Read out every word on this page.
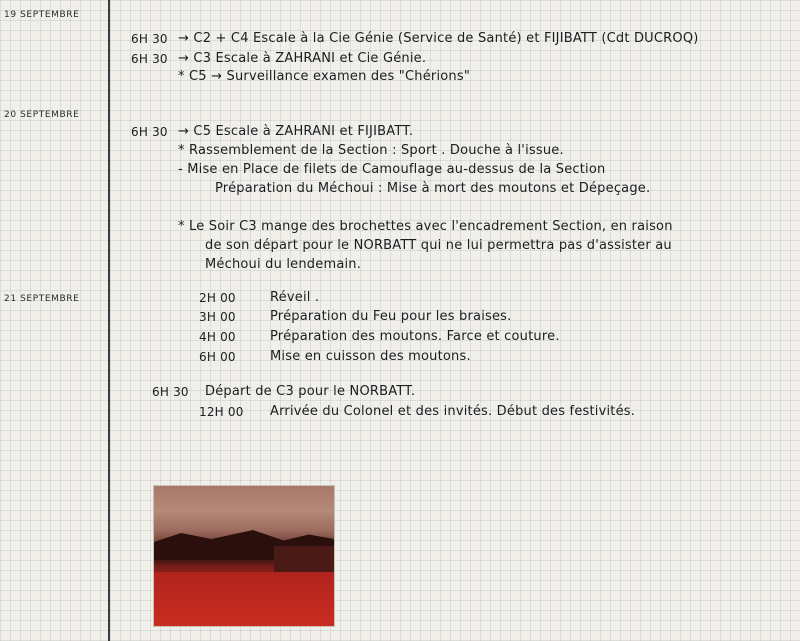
19 SEPTEMBRE
6H 30 → C2 + C4 Escale à la Cie Génie (Service de Santé) et FIJIBATT (Cdt DUCROQ)
6H 30 → C3 Escale à ZAHRANI et Cie Génie.
* C5 → Surveillance examen des "Chérions"
20 SEPTEMBRE
6H 30 → C5 Escale à ZAHRANI et FIJIBATT.
* Rassemblement de la Section : Sport . Douche à l'issue.
- Mise en Place de filets de Camouflage au-dessus de la Section
Préparation du Méchoui : Mise à mort des moutons et Dépeçage.
* Le Soir C3 mange des brochettes avec l'encadrement Section, en raison
de son départ pour le NORBATT qui ne lui permettra pas d'assister au
Méchoui du lendemain.
21 SEPTEMBRE	2H 00	Réveil .
3H 00	Préparation du Feu pour les braises.
4H 00	Préparation des moutons. Farce et couture.
6H 00	Mise en cuisson des moutons.
6H 30 Départ de C3 pour le NORBATT.
12H 00 Arrivée du Colonel et des invités. Début des festivités.
